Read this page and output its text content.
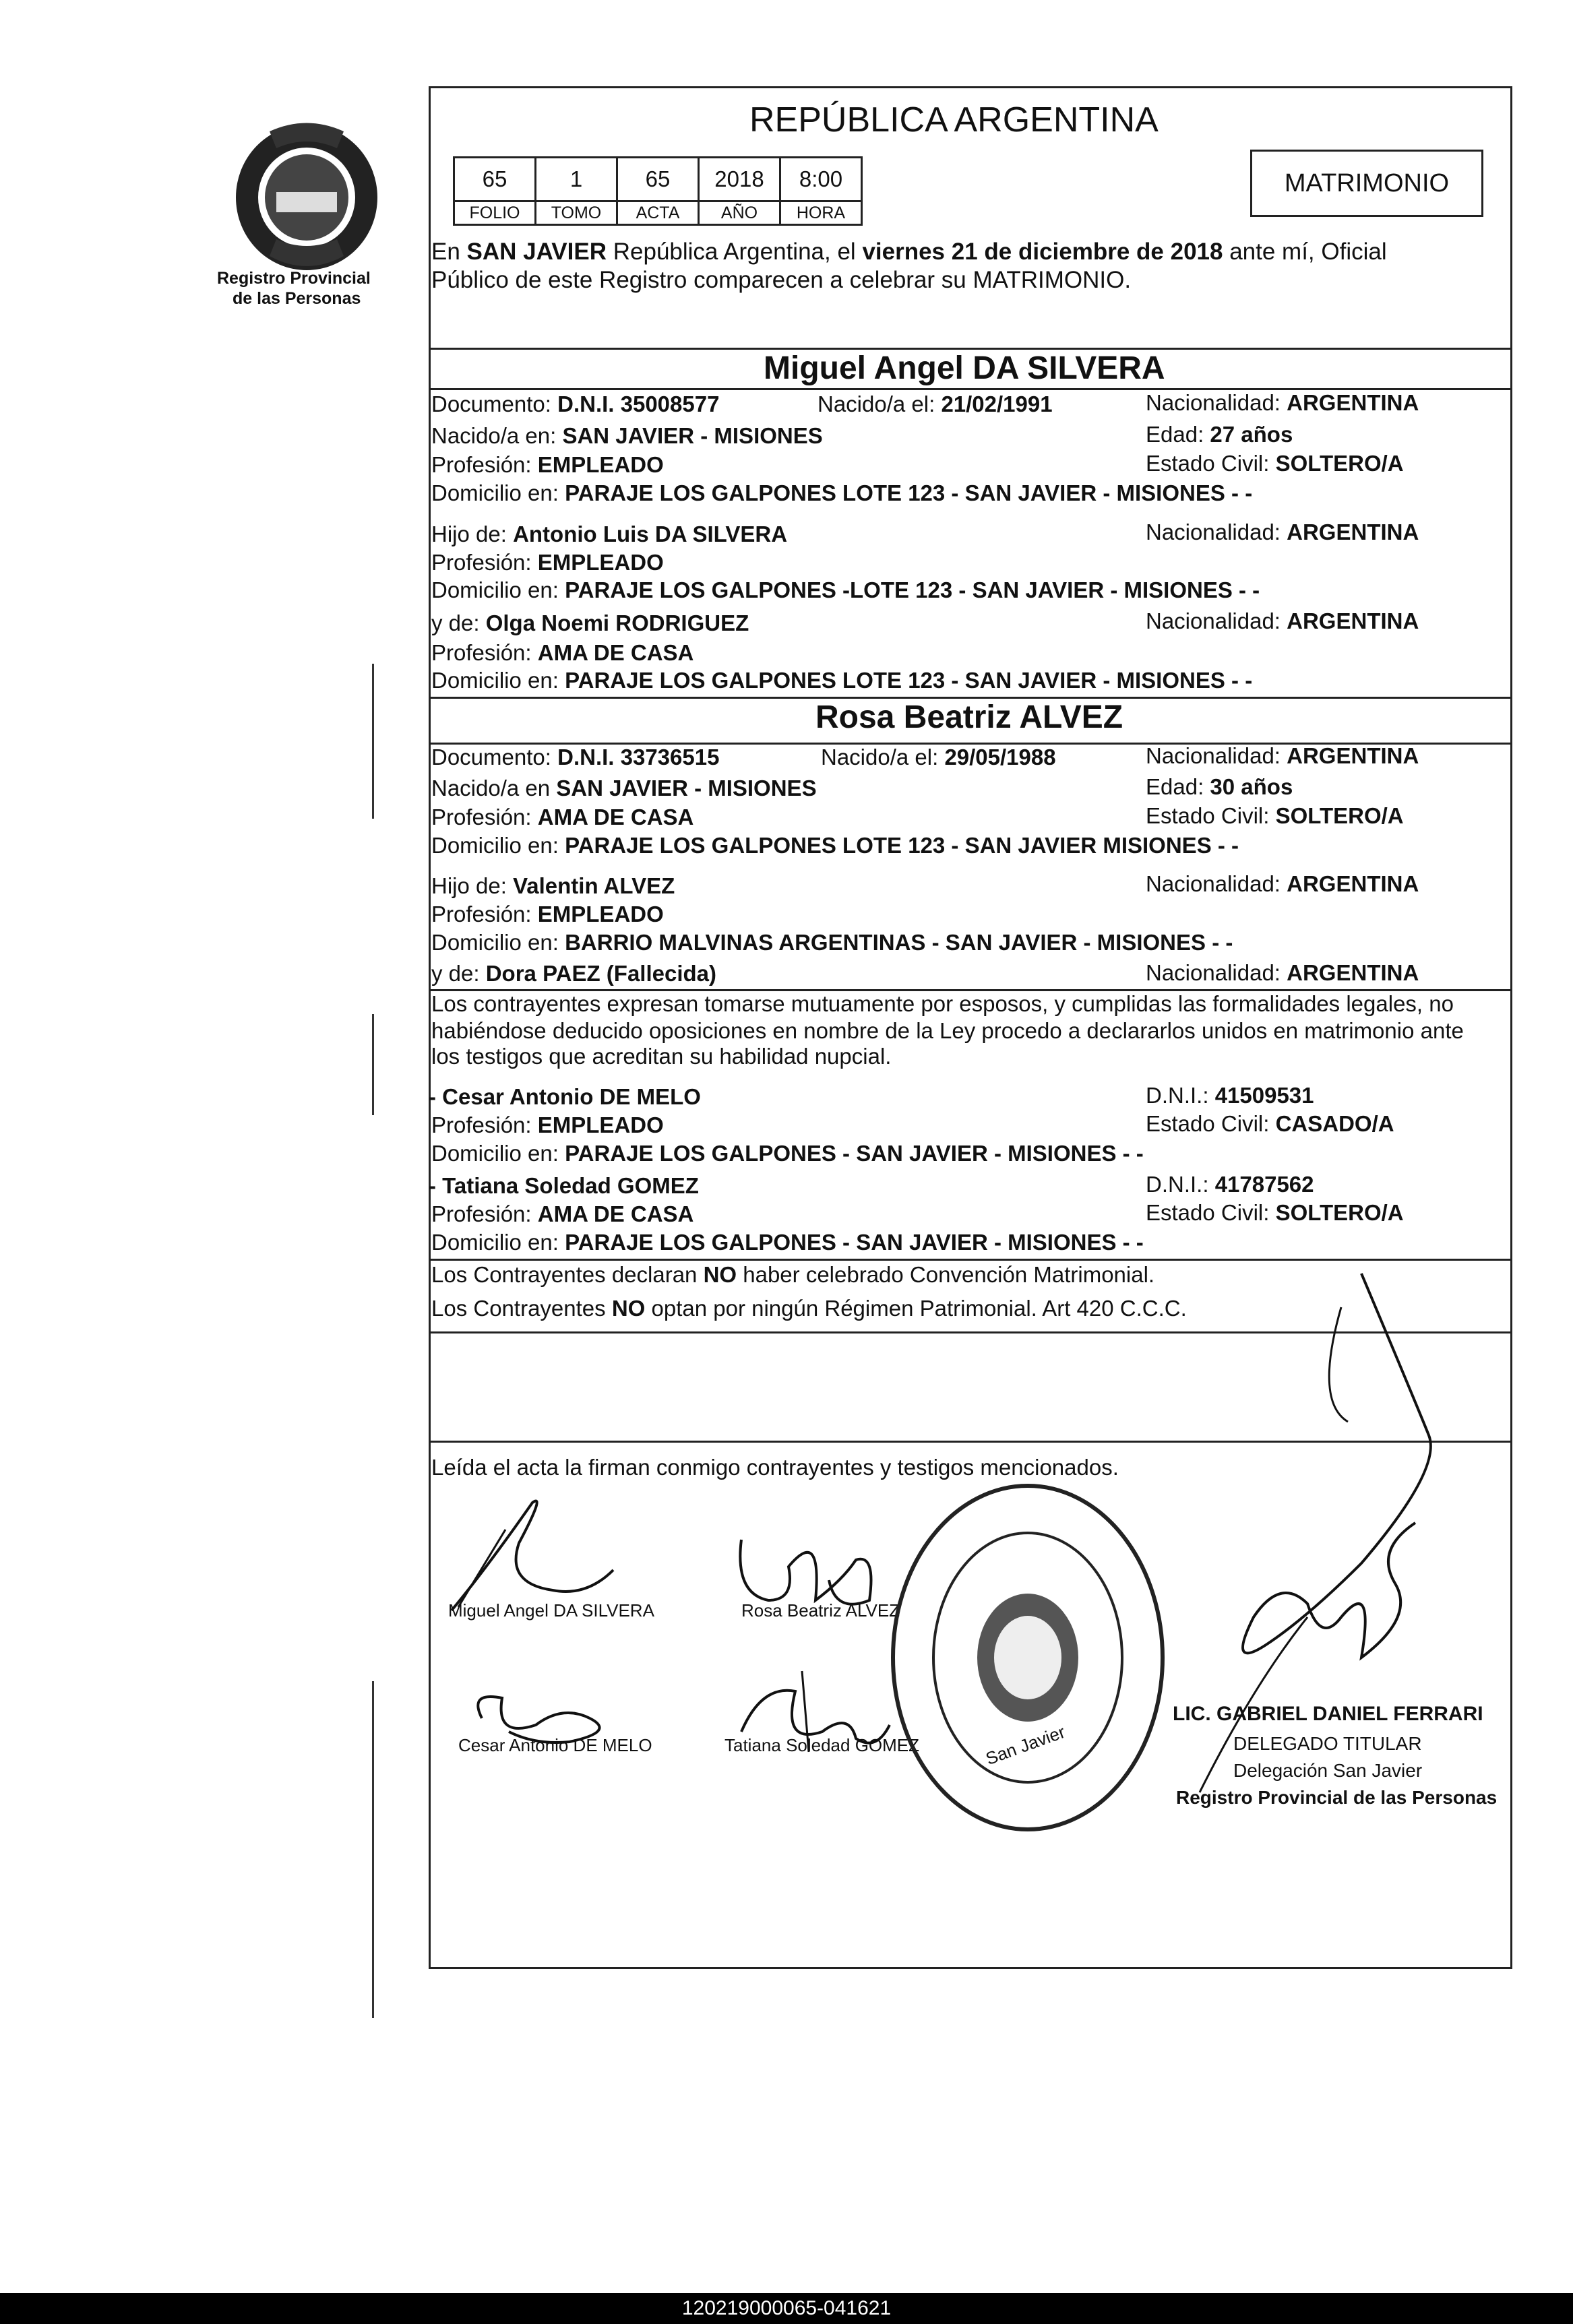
Registro Provincial
de las Personas
REPÚBLICA ARGENTINA
65	1	65	2018	8:00
FOLIO	TOMO	ACTA	AÑO	HORA
MATRIMONIO
En SAN JAVIER República Argentina, el viernes 21 de diciembre de 2018 ante mí, Oficial
Público de este Registro comparecen a celebrar su MATRIMONIO.
Miguel Angel DA SILVERA
Documento: D.N.I. 35008577	Nacido/a el: 21/02/1991	Nacionalidad: ARGENTINA
Nacido/a en: SAN JAVIER - MISIONES	Edad: 27 años
Profesión: EMPLEADO	Estado Civil: SOLTERO/A
Domicilio en: PARAJE LOS GALPONES LOTE 123 - SAN JAVIER - MISIONES - -
Hijo de: Antonio Luis DA SILVERA	Nacionalidad: ARGENTINA
Profesión: EMPLEADO
Domicilio en: PARAJE LOS GALPONES -LOTE 123 - SAN JAVIER - MISIONES - -
y de: Olga Noemi RODRIGUEZ	Nacionalidad: ARGENTINA
Profesión: AMA DE CASA
Domicilio en: PARAJE LOS GALPONES LOTE 123 - SAN JAVIER - MISIONES - -
Rosa Beatriz ALVEZ
Documento: D.N.I. 33736515	Nacido/a el: 29/05/1988	Nacionalidad: ARGENTINA
Nacido/a en SAN JAVIER - MISIONES	Edad: 30 años
Profesión: AMA DE CASA	Estado Civil: SOLTERO/A
Domicilio en: PARAJE LOS GALPONES LOTE 123 - SAN JAVIER MISIONES - -
Hijo de: Valentin ALVEZ	Nacionalidad: ARGENTINA
Profesión: EMPLEADO
Domicilio en: BARRIO MALVINAS ARGENTINAS - SAN JAVIER - MISIONES - -
y de: Dora PAEZ (Fallecida)	Nacionalidad: ARGENTINA
Los contrayentes expresan tomarse mutuamente por esposos, y cumplidas las formalidades legales, no
habiéndose deducido oposiciones en nombre de la Ley procedo a declararlos unidos en matrimonio ante
los testigos que acreditan su habilidad nupcial.
- Cesar Antonio DE MELO	D.N.I.: 41509531
Profesión: EMPLEADO	Estado Civil: CASADO/A
Domicilio en: PARAJE LOS GALPONES - SAN JAVIER - MISIONES - -
- Tatiana Soledad GOMEZ	D.N.I.: 41787562
Profesión: AMA DE CASA	Estado Civil: SOLTERO/A
Domicilio en: PARAJE LOS GALPONES - SAN JAVIER - MISIONES - -
Los Contrayentes declaran NO haber celebrado Convención Matrimonial.
Los Contrayentes NO optan por ningún Régimen Patrimonial. Art 420 C.C.C.
Leída el acta la firman conmigo contrayentes y testigos mencionados.
Miguel Angel DA SILVERA	Rosa Beatriz ALVEZ
Cesar Antonio DE MELO	Tatiana Soledad GOMEZ	San Javier
LIC. GABRIEL DANIEL FERRARI
DELEGADO TITULAR
Delegación San Javier
Registro Provincial de las Personas
120219000065-041621
